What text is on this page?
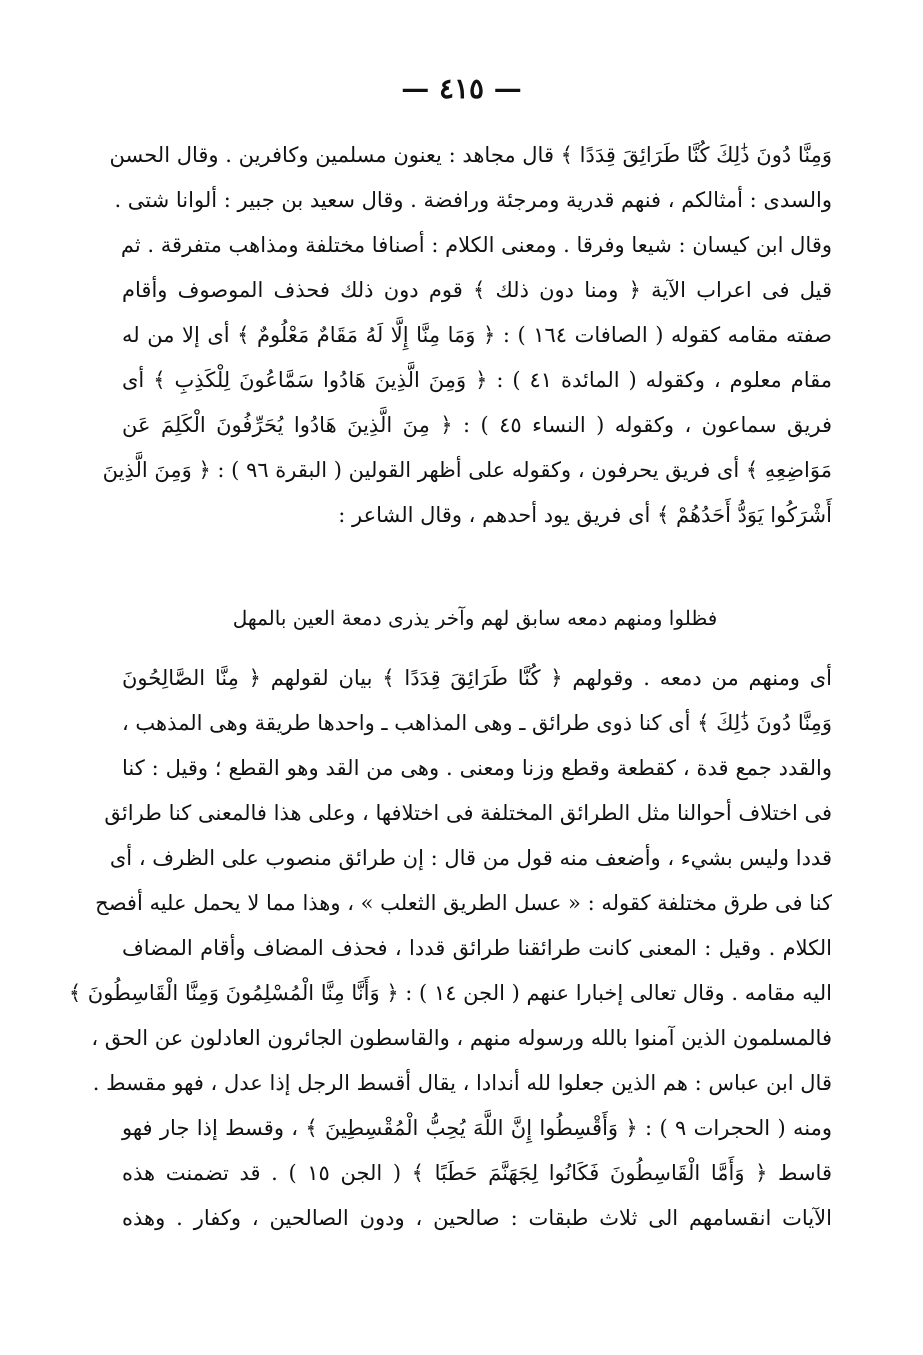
— ٤١٥ —
وَمِنَّا دُونَ ذَٰلِكَ كُنَّا طَرَائِقَ قِدَدًا ﴾ قال مجاهد : يعنون مسلمين وكافرين . وقال الحسن
والسدى : أمثالكم ، فنهم قدرية ومرجئة ورافضة . وقال سعيد بن جبير : ألوانا شتى .
وقال ابن كيسان : شيعا وفرقا . ومعنى الكلام : أصنافا مختلفة ومذاهب متفرقة . ثم
قيل فى اعراب الآية ﴿ ومنا دون ذلك ﴾ قوم دون ذلك فحذف الموصوف وأقام
صفته مقامه كقوله ( الصافات ١٦٤ ) : ﴿ وَمَا مِنَّا إِلَّا لَهُ مَقَامٌ مَعْلُومٌ ﴾ أى إلا من له
مقام معلوم ، وكقوله ( المائدة ٤١ ) : ﴿ وَمِنَ الَّذِينَ هَادُوا سَمَّاعُونَ لِلْكَذِبِ ﴾ أى
فريق سماعون ، وكقوله ( النساء ٤٥ ) : ﴿ مِنَ الَّذِينَ هَادُوا يُحَرِّفُونَ الْكَلِمَ عَن
مَوَاضِعِهِ ﴾ أى فريق يحرفون ، وكقوله على أظهر القولين ( البقرة ٩٦ ) : ﴿ وَمِنَ الَّذِينَ
أَشْرَكُوا يَوَدُّ أَحَدُهُمْ ﴾ أى فريق يود أحدهم ، وقال الشاعر :
فظلوا ومنهم دمعه سابق لهم وآخر يذرى دمعة العين بالمهل
أى ومنهم من دمعه . وقولهم ﴿ كُنَّا طَرَائِقَ قِدَدًا ﴾ بيان لقولهم ﴿ مِنَّا الصَّالِحُونَ
وَمِنَّا دُونَ ذَٰلِكَ ﴾ أى كنا ذوى طرائق ـ وهى المذاهب ـ واحدها طريقة وهى المذهب ،
والقدد جمع قدة ، كقطعة وقطع وزنا ومعنى . وهى من القد وهو القطع ؛ وقيل : كنا
فى اختلاف أحوالنا مثل الطرائق المختلفة فى اختلافها ، وعلى هذا فالمعنى كنا طرائق
قددا وليس بشيء ، وأضعف منه قول من قال : إن طرائق منصوب على الظرف ، أى
كنا فى طرق مختلفة كقوله : « عسل الطريق الثعلب » ، وهذا مما لا يحمل عليه أفصح
الكلام . وقيل : المعنى كانت طرائقنا طرائق قددا ، فحذف المضاف وأقام المضاف
اليه مقامه . وقال تعالى إخبارا عنهم ( الجن ١٤ ) : ﴿ وَأَنَّا مِنَّا الْمُسْلِمُونَ وَمِنَّا الْقَاسِطُونَ ﴾
فالمسلمون الذين آمنوا بالله ورسوله منهم ، والقاسطون الجائرون العادلون عن الحق ،
قال ابن عباس : هم الذين جعلوا لله أندادا ، يقال أقسط الرجل إذا عدل ، فهو مقسط .
ومنه ( الحجرات ٩ ) : ﴿ وَأَقْسِطُوا إِنَّ اللَّهَ يُحِبُّ الْمُقْسِطِينَ ﴾ ، وقسط إذا جار فهو
قاسط ﴿ وَأَمَّا الْقَاسِطُونَ فَكَانُوا لِجَهَنَّمَ حَطَبًا ﴾ ( الجن ١٥ ) . قد تضمنت هذه
الآيات انقسامهم الى ثلاث طبقات : صالحين ، ودون الصالحين ، وكفار . وهذه
